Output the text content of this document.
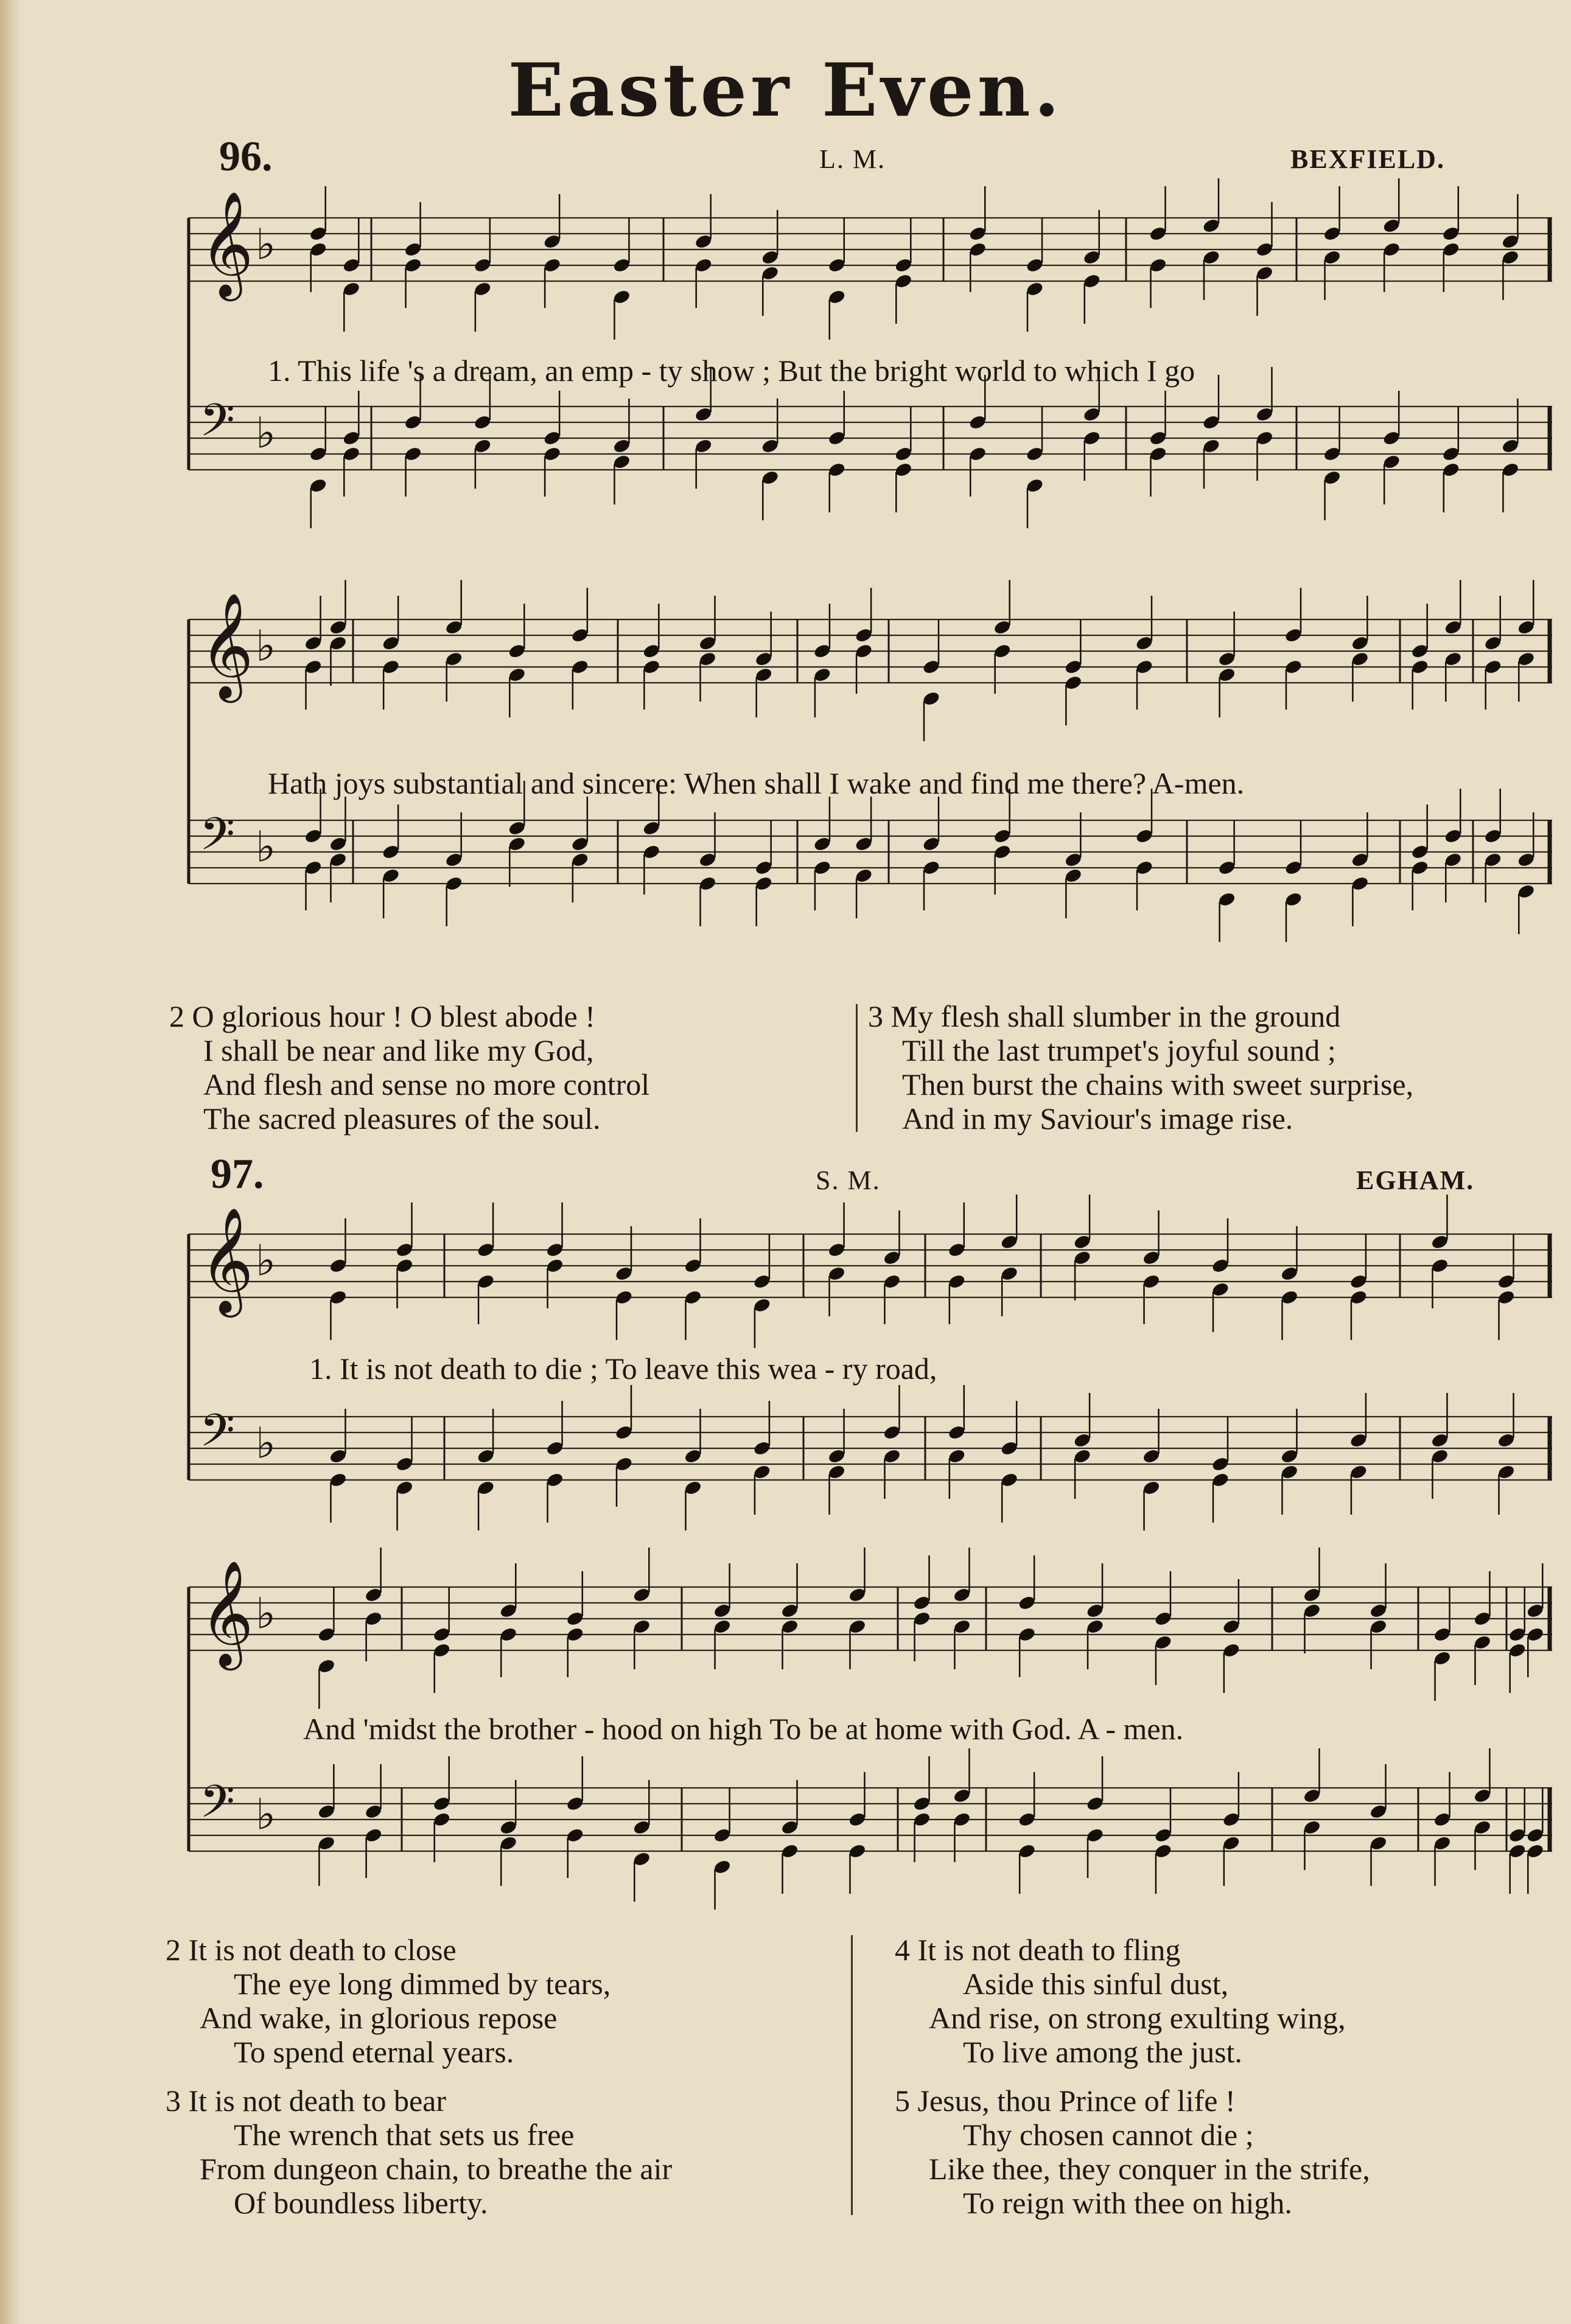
Easter Even.
96.	L. M.	BEXFIELD.
𝄞 ♭
𝄢 ♭
1. This life 's a dream, an emp - ty show ; But the bright world to which I go
𝄞 ♭
𝄢 ♭
Hath joys substantial and sincere: When shall I wake and find me there? A-men.
2 O glorious hour ! O blest abode !
I shall be near and like my God,
And flesh and sense no more control
The sacred pleasures of the soul.
3 My flesh shall slumber in the ground
Till the last trumpet's joyful sound ;
Then burst the chains with sweet surprise,
And in my Saviour's image rise.
97.	S. M.	EGHAM.
𝄞 ♭
𝄢 ♭
1. It is not death to die ; To leave this wea - ry road,
𝄞 ♭
𝄢 ♭
And 'midst the brother - hood on high To be at home with God. A - men.
2 It is not death to close
The eye long dimmed by tears,
And wake, in glorious repose
To spend eternal years.
3 It is not death to bear
The wrench that sets us free
From dungeon chain, to breathe the air
Of boundless liberty.
4 It is not death to fling
Aside this sinful dust,
And rise, on strong exulting wing,
To live among the just.
5 Jesus, thou Prince of life !
Thy chosen cannot die ;
Like thee, they conquer in the strife,
To reign with thee on high.
